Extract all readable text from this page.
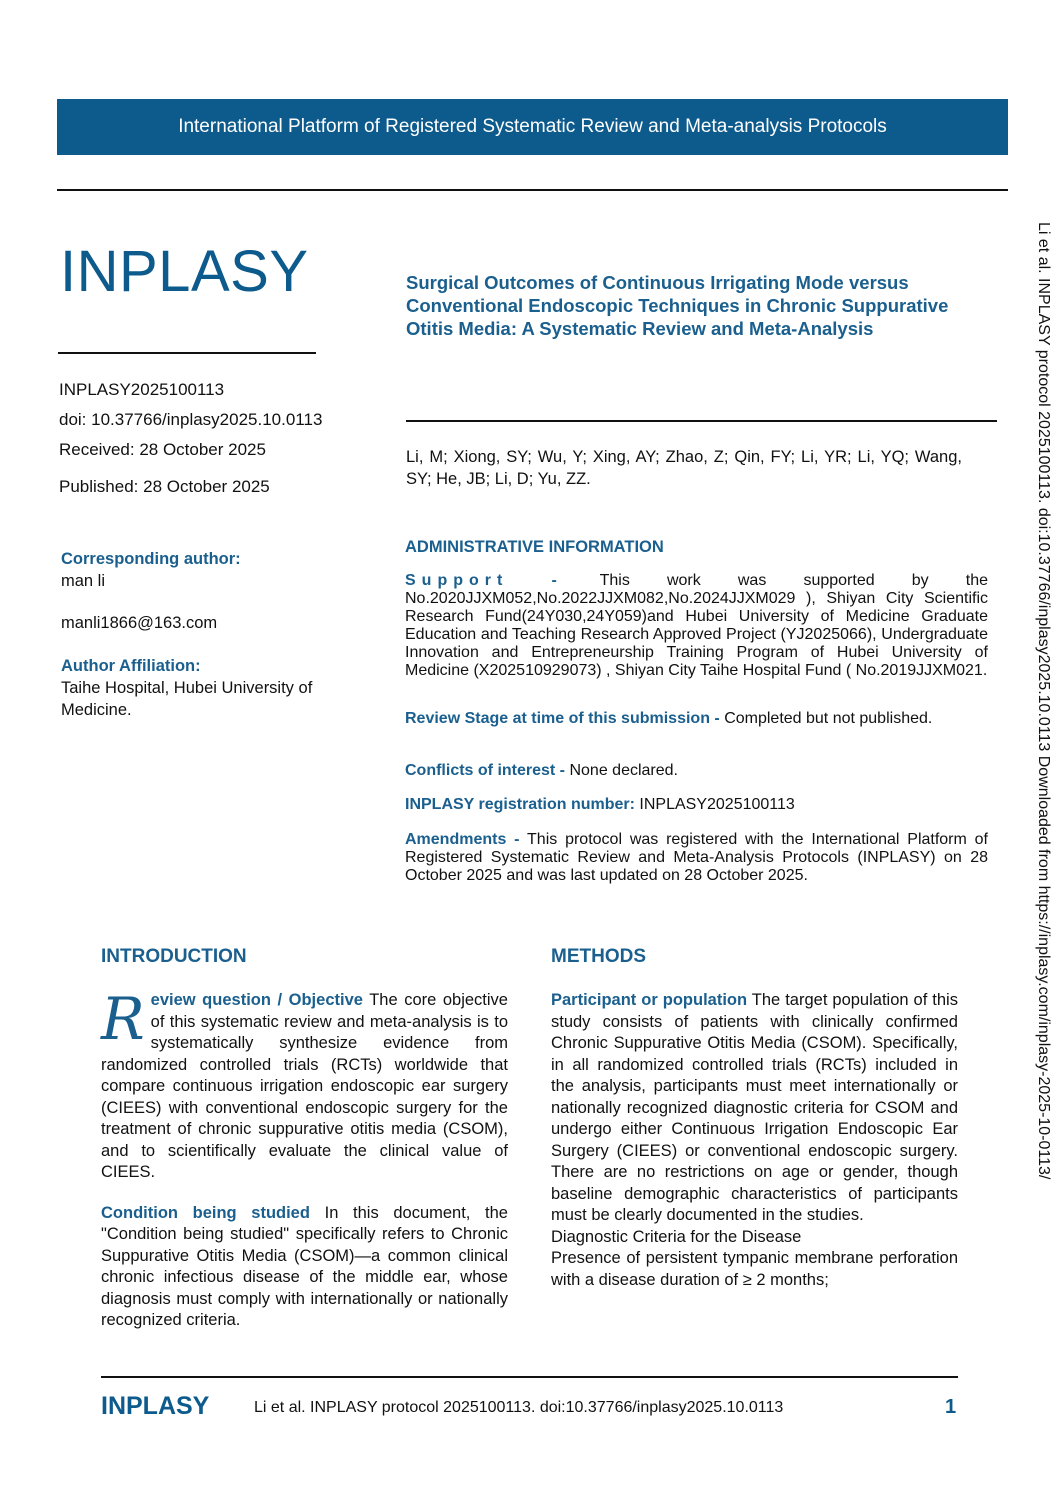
International Platform of Registered Systematic Review and Meta-analysis Protocols
INPLASY
INPLASY2025100113
doi: 10.37766/inplasy2025.10.0113
Received: 28 October 2025
Published: 28 October 2025
Surgical Outcomes of Continuous Irrigating Mode versus Conventional Endoscopic Techniques in Chronic Suppurative Otitis Media: A Systematic Review and Meta-Analysis
Li, M; Xiong, SY; Wu, Y; Xing, AY; Zhao, Z; Qin, FY; Li, YR; Li, YQ; Wang, SY; He, JB; Li, D; Yu, ZZ.
Corresponding author:
man li
manli1866@163.com
Author Affiliation:
Taihe Hospital, Hubei University of Medicine.
ADMINISTRATIVE INFORMATION
Support - This work was supported by the No.2020JJXM052,No.2022JJXM082,No.2024JJXM029 ), Shiyan City Scientific Research Fund(24Y030,24Y059)and Hubei University of Medicine Graduate Education and Teaching Research Approved Project (YJ2025066), Undergraduate Innovation and Entrepreneurship Training Program of Hubei University of Medicine (X202510929073) , Shiyan City Taihe Hospital Fund ( No.2019JJXM021.
Review Stage at time of this submission - Completed but not published.
Conflicts of interest - None declared.
INPLASY registration number: INPLASY2025100113
Amendments - This protocol was registered with the International Platform of Registered Systematic Review and Meta-Analysis Protocols (INPLASY) on 28 October 2025 and was last updated on 28 October 2025.
INTRODUCTION	METHODS
R eview question / Objective The core objective of this systematic review and meta-analysis is to systematically synthesize evidence from randomized controlled trials (RCTs) worldwide that compare continuous irrigation endoscopic ear surgery (CIEES) with conventional endoscopic surgery for the treatment of chronic suppurative otitis media (CSOM), and to scientifically evaluate the clinical value of CIEES.
Condition being studied In this document, the "Condition being studied" specifically refers to Chronic Suppurative Otitis Media (CSOM)—a common clinical chronic infectious disease of the middle ear, whose diagnosis must comply with internationally or nationally recognized criteria.
Participant or population The target population of this study consists of patients with clinically confirmed Chronic Suppurative Otitis Media (CSOM). Specifically, in all randomized controlled trials (RCTs) included in the analysis, participants must meet internationally or nationally recognized diagnostic criteria for CSOM and undergo either Continuous Irrigation Endoscopic Ear Surgery (CIEES) or conventional endoscopic surgery. There are no restrictions on age or gender, though baseline demographic characteristics of participants must be clearly documented in the studies.
Diagnostic Criteria for the Disease
Presence of persistent tympanic membrane perforation with a disease duration of ≥ 2 months;
INPLASY	Li et al. INPLASY protocol 2025100113. doi:10.37766/inplasy2025.10.0113	1
Li et al. INPLASY protocol 2025100113. doi:10.37766/inplasy2025.10.0113 Downloaded from https://inplasy.com/inplasy-2025-10-0113/
